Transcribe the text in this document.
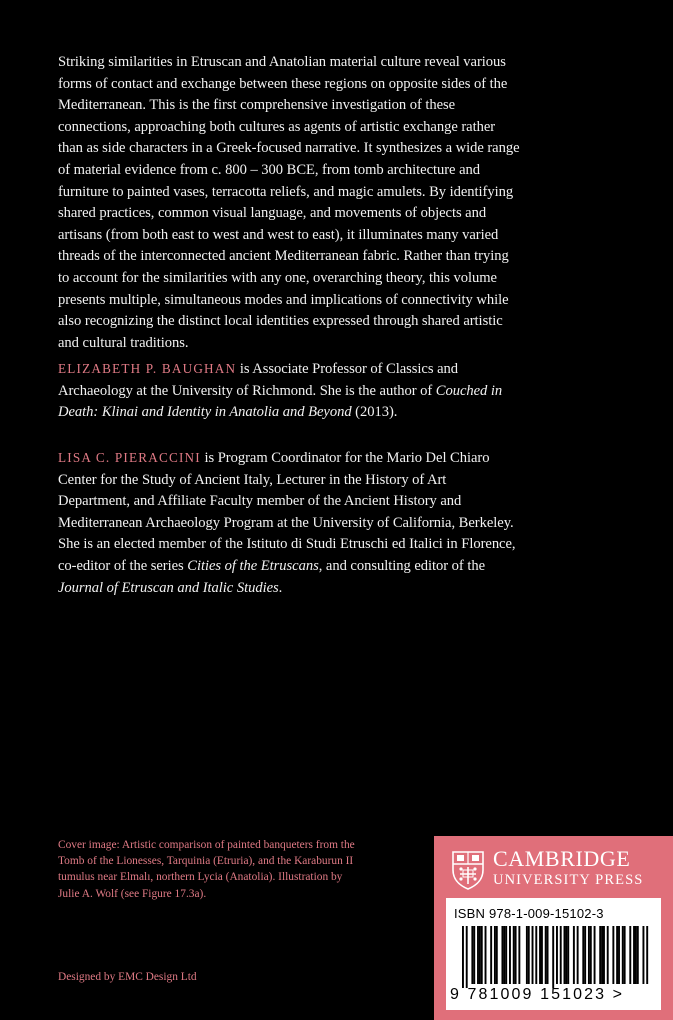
Striking similarities in Etruscan and Anatolian material culture reveal various forms of contact and exchange between these regions on opposite sides of the Mediterranean. This is the first comprehensive investigation of these connections, approaching both cultures as agents of artistic exchange rather than as side characters in a Greek-focused narrative. It synthesizes a wide range of material evidence from c. 800 – 300 BCE, from tomb architecture and furniture to painted vases, terracotta reliefs, and magic amulets. By identifying shared practices, common visual language, and movements of objects and artisans (from both east to west and west to east), it illuminates many varied threads of the interconnected ancient Mediterranean fabric. Rather than trying to account for the similarities with any one, overarching theory, this volume presents multiple, simultaneous modes and implications of connectivity while also recognizing the distinct local identities expressed through shared artistic and cultural traditions.

ELIZABETH P. BAUGHAN is Associate Professor of Classics and Archaeology at the University of Richmond. She is the author of Couched in Death: Klinai and Identity in Anatolia and Beyond (2013).

LISA C. PIERACCINI is Program Coordinator for the Mario Del Chiaro Center for the Study of Ancient Italy, Lecturer in the History of Art Department, and Affiliate Faculty member of the Ancient History and Mediterranean Archaeology Program at the University of California, Berkeley. She is an elected member of the Istituto di Studi Etruschi ed Italici in Florence, co-editor of the series Cities of the Etruscans, and consulting editor of the Journal of Etruscan and Italic Studies.

Cover image: Artistic comparison of painted banqueters from the Tomb of the Lionesses, Tarquinia (Etruria), and the Karaburun II tumulus near Elmalı, northern Lycia (Anatolia). Illustration by Julie A. Wolf (see Figure 17.3a).

Designed by EMC Design Ltd

CAMBRIDGE
UNIVERSITY PRESS
ISBN 978-1-009-15102-3
9 781009 151023 >
